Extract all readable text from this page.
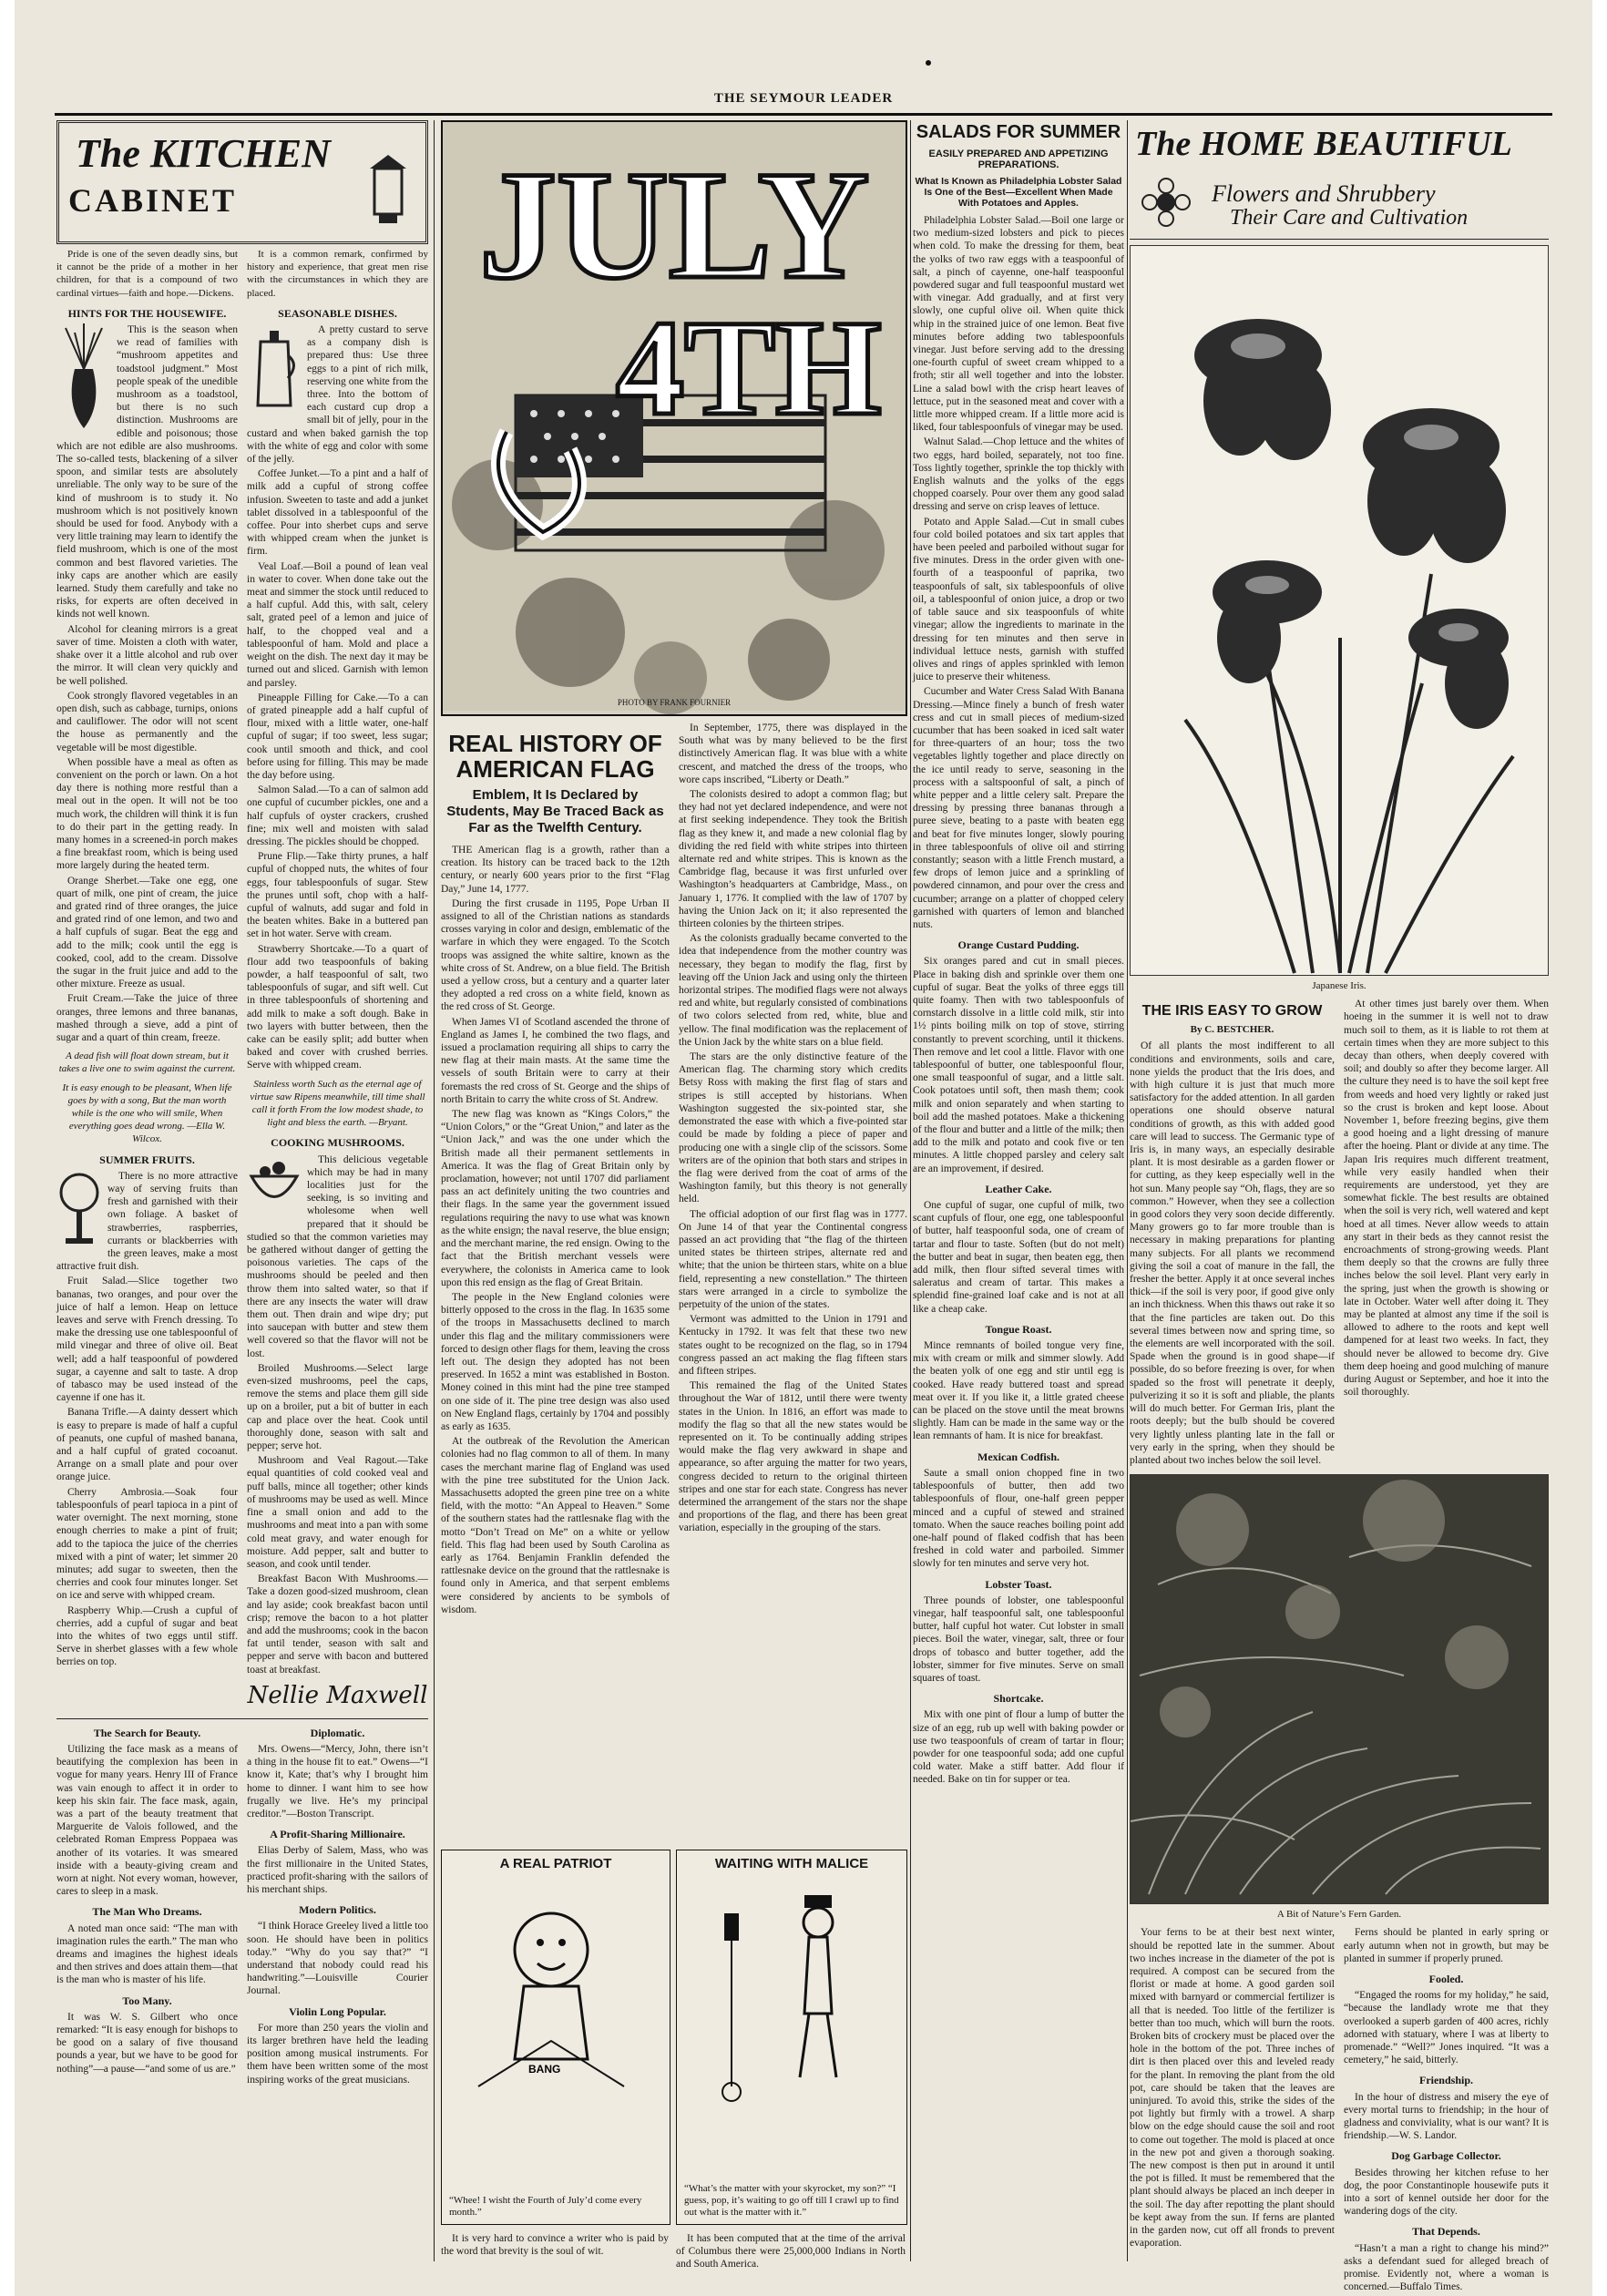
THE SEYMOUR LEADER
The KITCHEN
CABINET

Pride is one of the seven deadly sins, but it cannot be the pride of a mother in her children, for that is a compound of two cardinal virtues—faith and hope.—Dickens.

HINTS FOR THE HOUSEWIFE.

This is the season when we read of families with “mushroom appetites and toadstool judgment.” Most people speak of the unedible mushroom as a toadstool, but there is no such distinction. Mushrooms are edible and poisonous; those which are not edible are also mushrooms. The so-called tests, blackening of a silver spoon, and similar tests are absolutely unreliable. The only way to be sure of the kind of mushroom is to study it. No mushroom which is not positively known should be used for food. Anybody with a very little training may learn to identify the field mushroom, which is one of the most common and best flavored varieties. The inky caps are another which are easily learned. Study them carefully and take no risks, for experts are often deceived in kinds not well known.

Alcohol for cleaning mirrors is a great saver of time. Moisten a cloth with water, shake over it a little alcohol and rub over the mirror. It will clean very quickly and be well polished.

Cook strongly flavored vegetables in an open dish, such as cabbage, turnips, onions and cauliflower. The odor will not scent the house as permanently and the vegetable will be most digestible.

When possible have a meal as often as convenient on the porch or lawn. On a hot day there is nothing more restful than a meal out in the open. It will not be too much work, the children will think it is fun to do their part in the getting ready. In many homes in a screened-in porch makes a fine breakfast room, which is being used more largely during the heated term.

Orange Sherbet.—Take one egg, one quart of milk, one pint of cream, the juice and grated rind of three oranges, the juice and grated rind of one lemon, and two and a half cupfuls of sugar. Beat the egg and add to the milk; cook until the egg is cooked, cool, add to the cream. Dissolve the sugar in the fruit juice and add to the other mixture. Freeze as usual.

Fruit Cream.—Take the juice of three oranges, three lemons and three bananas, mashed through a sieve, add a pint of sugar and a quart of thin cream, freeze.

A dead fish will float down stream, but it takes a live one to swim against the current.
It is easy enough to be pleasant, When life goes by with a song, But the man worth while is the one who will smile, When everything goes dead wrong. —Ella W. Wilcox.
SUMMER FRUITS.

There is no more attractive way of serving fruits than fresh and garnished with their own foliage. A basket of strawberries, raspberries, currants or blackberries with the green leaves, make a most attractive fruit dish.

Fruit Salad.—Slice together two bananas, two oranges, and pour over the juice of half a lemon. Heap on lettuce leaves and serve with French dressing. To make the dressing use one tablespoonful of mild vinegar and three of olive oil. Beat well; add a half teaspoonful of powdered sugar, a cayenne and salt to taste. A drop of tabasco may be used instead of the cayenne if one has it.

Banana Trifle.—A dainty dessert which is easy to prepare is made of half a cupful of peanuts, one cupful of mashed banana, and a half cupful of grated cocoanut. Arrange on a small plate and pour over orange juice.

Cherry Ambrosia.—Soak four tablespoonfuls of pearl tapioca in a pint of water overnight. The next morning, stone enough cherries to make a pint of fruit; add to the tapioca the juice of the cherries mixed with a pint of water; let simmer 20 minutes; add sugar to sweeten, then the cherries and cook four minutes longer. Set on ice and serve with whipped cream.

Raspberry Whip.—Crush a cupful of cherries, add a cupful of sugar and beat into the whites of two eggs until stiff. Serve in sherbet glasses with a few whole berries on top.

It is a common remark, confirmed by history and experience, that great men rise with the circumstances in which they are placed.

SEASONABLE DISHES.

A pretty custard to serve as a company dish is prepared thus: Use three eggs to a pint of rich milk, reserving one white from the three. Into the bottom of each custard cup drop a small bit of jelly, pour in the custard and when baked garnish the top with the white of egg and color with some of the jelly.

Coffee Junket.—To a pint and a half of milk add a cupful of strong coffee infusion. Sweeten to taste and add a junket tablet dissolved in a tablespoonful of the coffee. Pour into sherbet cups and serve with whipped cream when the junket is firm.

Veal Loaf.—Boil a pound of lean veal in water to cover. When done take out the meat and simmer the stock until reduced to a half cupful. Add this, with salt, celery salt, grated peel of a lemon and juice of half, to the chopped veal and a tablespoonful of ham. Mold and place a weight on the dish. The next day it may be turned out and sliced. Garnish with lemon and parsley.

Pineapple Filling for Cake.—To a can of grated pineapple add a half cupful of flour, mixed with a little water, one-half cupful of sugar; if too sweet, less sugar; cook until smooth and thick, and cool before using for filling. This may be made the day before using.

Salmon Salad.—To a can of salmon add one cupful of cucumber pickles, one and a half cupfuls of oyster crackers, crushed fine; mix well and moisten with salad dressing. The pickles should be chopped.

Prune Flip.—Take thirty prunes, a half cupful of chopped nuts, the whites of four eggs, four tablespoonfuls of sugar. Stew the prunes until soft, chop with a half-cupful of walnuts, add sugar and fold in the beaten whites. Bake in a buttered pan set in hot water. Serve with cream.

Strawberry Shortcake.—To a quart of flour add two teaspoonfuls of baking powder, a half teaspoonful of salt, two tablespoonfuls of sugar, and sift well. Cut in three tablespoonfuls of shortening and add milk to make a soft dough. Bake in two layers with butter between, then the cake can be easily split; add butter when baked and cover with crushed berries. Serve with whipped cream.

Stainless worth Such as the eternal age of virtue saw Ripens meanwhile, till time shall call it forth From the low modest shade, to light and bless the earth. —Bryant.
COOKING MUSHROOMS.

This delicious vegetable which may be had in many localities just for the seeking, is so inviting and wholesome when well prepared that it should be studied so that the common varieties may be gathered without danger of getting the poisonous varieties. The caps of the mushrooms should be peeled and then throw them into salted water, so that if there are any insects the water will draw them out. Then drain and wipe dry; put into saucepan with butter and stew them well covered so that the flavor will not be lost.

Broiled Mushrooms.—Select large even-sized mushrooms, peel the caps, remove the stems and place them gill side up on a broiler, put a bit of butter in each cap and place over the heat. Cook until thoroughly done, season with salt and pepper; serve hot.

Mushroom and Veal Ragout.—Take equal quantities of cold cooked veal and puff balls, mince all together; other kinds of mushrooms may be used as well. Mince fine a small onion and add to the mushrooms and meat into a pan with some cold meat gravy, and water enough for moisture. Add pepper, salt and butter to season, and cook until tender.

Breakfast Bacon With Mushrooms.—Take a dozen good-sized mushroom, clean and lay aside; cook breakfast bacon until crisp; remove the bacon to a hot platter and add the mushrooms; cook in the bacon fat until tender, season with salt and pepper and serve with bacon and buttered toast at breakfast.

Nellie Maxwell
The Search for Beauty.

Utilizing the face mask as a means of beautifying the complexion has been in vogue for many years. Henry III of France was vain enough to affect it in order to keep his skin fair. The face mask, again, was a part of the beauty treatment that Marguerite de Valois followed, and the celebrated Roman Empress Poppaea was another of its votaries. It was smeared inside with a beauty-giving cream and worn at night. Not every woman, however, cares to sleep in a mask.

The Man Who Dreams.

A noted man once said: “The man with imagination rules the earth.” The man who dreams and imagines the highest ideals and then strives and does attain them—that is the man who is master of his life.

Too Many.

It was W. S. Gilbert who once remarked: “It is easy enough for bishops to be good on a salary of five thousand pounds a year, but we have to be good for nothing”—a pause—“and some of us are.”

Diplomatic.

Mrs. Owens—“Mercy, John, there isn’t a thing in the house fit to eat.” Owens—“I know it, Kate; that’s why I brought him home to dinner. I want him to see how frugally we live. He’s my principal creditor.”—Boston Transcript.

A Profit-Sharing Millionaire.

Elias Derby of Salem, Mass, who was the first millionaire in the United States, practiced profit-sharing with the sailors of his merchant ships.

Modern Politics.

“I think Horace Greeley lived a little too soon. He should have been in politics today.” “Why do you say that?” “I understand that nobody could read his handwriting.”—Louisville Courier Journal.

Violin Long Popular.

For more than 250 years the violin and its larger brethren have held the leading position among musical instruments. For them have been written some of the most inspiring works of the great musicians.

JULY
4TH
PHOTO BY FRANK FOURNIER
REAL HISTORY OF
AMERICAN FLAG
Emblem, It Is Declared by Students, May Be Traced Back as Far as the Twelfth Century.

THE American flag is a growth, rather than a creation. Its history can be traced back to the 12th century, or nearly 600 years prior to the first “Flag Day,” June 14, 1777.

During the first crusade in 1195, Pope Urban II assigned to all of the Christian nations as standards crosses varying in color and design, emblematic of the warfare in which they were engaged. To the Scotch troops was assigned the white saltire, known as the white cross of St. Andrew, on a blue field. The British used a yellow cross, but a century and a quarter later they adopted a red cross on a white field, known as the red cross of St. George.

When James VI of Scotland ascended the throne of England as James I, he combined the two flags, and issued a proclamation requiring all ships to carry the new flag at their main masts. At the same time the vessels of south Britain were to carry at their foremasts the red cross of St. George and the ships of north Britain to carry the white cross of St. Andrew.

The new flag was known as “Kings Colors,” the “Union Colors,” or the “Great Union,” and later as the “Union Jack,” and was the one under which the British made all their permanent settlements in America. It was the flag of Great Britain only by proclamation, however; not until 1707 did parliament pass an act definitely uniting the two countries and their flags. In the same year the government issued regulations requiring the navy to use what was known as the white ensign; the naval reserve, the blue ensign; and the merchant marine, the red ensign. Owing to the fact that the British merchant vessels were everywhere, the colonists in America came to look upon this red ensign as the flag of Great Britain.

The people in the New England colonies were bitterly opposed to the cross in the flag. In 1635 some of the troops in Massachusetts declined to march under this flag and the military commissioners were forced to design other flags for them, leaving the cross left out. The design they adopted has not been preserved. In 1652 a mint was established in Boston. Money coined in this mint had the pine tree stamped on one side of it. The pine tree design was also used on New England flags, certainly by 1704 and possibly as early as 1635.

At the outbreak of the Revolution the American colonies had no flag common to all of them. In many cases the merchant marine flag of England was used with the pine tree substituted for the Union Jack. Massachusetts adopted the green pine tree on a white field, with the motto: “An Appeal to Heaven.” Some of the southern states had the rattlesnake flag with the motto “Don’t Tread on Me” on a white or yellow field. This flag had been used by South Carolina as early as 1764. Benjamin Franklin defended the rattlesnake device on the ground that the rattlesnake is found only in America, and that serpent emblems were considered by ancients to be symbols of wisdom.

In September, 1775, there was displayed in the South what was by many believed to be the first distinctively American flag. It was blue with a white crescent, and matched the dress of the troops, who wore caps inscribed, “Liberty or Death.”

The colonists desired to adopt a common flag; but they had not yet declared independence, and were not at first seeking independence. They took the British flag as they knew it, and made a new colonial flag by dividing the red field with white stripes into thirteen alternate red and white stripes. This is known as the Cambridge flag, because it was first unfurled over Washington’s headquarters at Cambridge, Mass., on January 1, 1776. It complied with the law of 1707 by having the Union Jack on it; it also represented the thirteen colonies by the thirteen stripes.

As the colonists gradually became converted to the idea that independence from the mother country was necessary, they began to modify the flag, first by leaving off the Union Jack and using only the thirteen horizontal stripes. The modified flags were not always red and white, but regularly consisted of combinations of two colors selected from red, white, blue and yellow. The final modification was the replacement of the Union Jack by the white stars on a blue field.

The stars are the only distinctive feature of the American flag. The charming story which credits Betsy Ross with making the first flag of stars and stripes is still accepted by historians. When Washington suggested the six-pointed star, she demonstrated the ease with which a five-pointed star could be made by folding a piece of paper and producing one with a single clip of the scissors. Some writers are of the opinion that both stars and stripes in the flag were derived from the coat of arms of the Washington family, but this theory is not generally held.

The official adoption of our first flag was in 1777. On June 14 of that year the Continental congress passed an act providing that “the flag of the thirteen united states be thirteen stripes, alternate red and white; that the union be thirteen stars, white on a blue field, representing a new constellation.” The thirteen stars were arranged in a circle to symbolize the perpetuity of the union of the states.

Vermont was admitted to the Union in 1791 and Kentucky in 1792. It was felt that these two new states ought to be recognized on the flag, so in 1794 congress passed an act making the flag fifteen stars and fifteen stripes.

This remained the flag of the United States throughout the War of 1812, until there were twenty states in the Union. In 1816, an effort was made to modify the flag so that all the new states would be represented on it. To be continually adding stripes would make the flag very awkward in shape and appearance, so after arguing the matter for two years, congress decided to return to the original thirteen stripes and one star for each state. Congress has never determined the arrangement of the stars nor the shape and proportions of the flag, and there has been great variation, especially in the grouping of the stars.

A REAL PATRIOT
BANG
“Whee! I wisht the Fourth of July’d come every month.”
WAITING WITH MALICE
“What’s the matter with your skyrocket, my son?” “I guess, pop, it’s waiting to go off till I crawl up to find out what is the matter with it.”

It is very hard to convince a writer who is paid by the word that brevity is the soul of wit.

It has been computed that at the time of the arrival of Columbus there were 25,000,000 Indians in North and South America.

SALADS FOR SUMMER
EASILY PREPARED AND APPETIZING PREPARATIONS.
What Is Known as Philadelphia Lobster Salad Is One of the Best—Excellent When Made With Potatoes and Apples.

Philadelphia Lobster Salad.—Boil one large or two medium-sized lobsters and pick to pieces when cold. To make the dressing for them, beat the yolks of two raw eggs with a teaspoonful of salt, a pinch of cayenne, one-half teaspoonful powdered sugar and full teaspoonful mustard wet with vinegar. Add gradually, and at first very slowly, one cupful olive oil. When quite thick whip in the strained juice of one lemon. Beat five minutes before adding two tablespoonfuls vinegar. Just before serving add to the dressing one-fourth cupful of sweet cream whipped to a froth; stir all well together and into the lobster. Line a salad bowl with the crisp heart leaves of lettuce, put in the seasoned meat and cover with a little more whipped cream. If a little more acid is liked, four tablespoonfuls of vinegar may be used.

Walnut Salad.—Chop lettuce and the whites of two eggs, hard boiled, separately, not too fine. Toss lightly together, sprinkle the top thickly with English walnuts and the yolks of the eggs chopped coarsely. Pour over them any good salad dressing and serve on crisp leaves of lettuce.

Potato and Apple Salad.—Cut in small cubes four cold boiled potatoes and six tart apples that have been peeled and parboiled without sugar for five minutes. Dress in the order given with one-fourth of a teaspoonful of paprika, two teaspoonfuls of salt, six tablespoonfuls of olive oil, a tablespoonful of onion juice, a drop or two of table sauce and six teaspoonfuls of white vinegar; allow the ingredients to marinate in the dressing for ten minutes and then serve in individual lettuce nests, garnish with stuffed olives and rings of apples sprinkled with lemon juice to preserve their whiteness.

Cucumber and Water Cress Salad With Banana Dressing.—Mince finely a bunch of fresh water cress and cut in small pieces of medium-sized cucumber that has been soaked in iced salt water for three-quarters of an hour; toss the two vegetables lightly together and place directly on the ice until ready to serve, seasoning in the process with a saltspoonful of salt, a pinch of white pepper and a little celery salt. Prepare the dressing by pressing three bananas through a puree sieve, beating to a paste with beaten egg and beat for five minutes longer, slowly pouring in three tablespoonfuls of olive oil and stirring constantly; season with a little French mustard, a few drops of lemon juice and a sprinkling of powdered cinnamon, and pour over the cress and cucumber; arrange on a platter of chopped celery garnished with quarters of lemon and blanched nuts.

Orange Custard Pudding.

Six oranges pared and cut in small pieces. Place in baking dish and sprinkle over them one cupful of sugar. Beat the yolks of three eggs till quite foamy. Then with two tablespoonfuls of cornstarch dissolve in a little cold milk, stir into 1½ pints boiling milk on top of stove, stirring constantly to prevent scorching, until it thickens. Then remove and let cool a little. Flavor with one tablespoonful of butter, one tablespoonful flour, one small teaspoonful of sugar, and a little salt. Cook potatoes until soft, then mash them; cook milk and onion separately and when starting to boil add the mashed potatoes. Make a thickening of the flour and butter and a little of the milk; then add to the milk and potato and cook five or ten minutes. A little chopped parsley and celery salt are an improvement, if desired.

Leather Cake.

One cupful of sugar, one cupful of milk, two scant cupfuls of flour, one egg, one tablespoonful of butter, half teaspoonful soda, one of cream of tartar and flour to taste. Soften (but do not melt) the butter and beat in sugar, then beaten egg, then add milk, then flour sifted several times with saleratus and cream of tartar. This makes a splendid fine-grained loaf cake and is not at all like a cheap cake.

Tongue Roast.

Mince remnants of boiled tongue very fine, mix with cream or milk and simmer slowly. Add the beaten yolk of one egg and stir until egg is cooked. Have ready buttered toast and spread meat over it. If you like it, a little grated cheese can be placed on the stove until the meat browns slightly. Ham can be made in the same way or the lean remnants of ham. It is nice for breakfast.

Mexican Codfish.

Saute a small onion chopped fine in two tablespoonfuls of butter, then add two tablespoonfuls of flour, one-half green pepper minced and a cupful of stewed and strained tomato. When the sauce reaches boiling point add one-half pound of flaked codfish that has been freshed in cold water and parboiled. Simmer slowly for ten minutes and serve very hot.

Lobster Toast.

Three pounds of lobster, one tablespoonful vinegar, half teaspoonful salt, one tablespoonful butter, half cupful hot water. Cut lobster in small pieces. Boil the water, vinegar, salt, three or four drops of tobasco and butter together, add the lobster, simmer for five minutes. Serve on small squares of toast.

Shortcake.

Mix with one pint of flour a lump of butter the size of an egg, rub up well with baking powder or use two teaspoonfuls of cream of tartar in flour; powder for one teaspoonful soda; add one cupful cold water. Make a stiff batter. Add flour if needed. Bake on tin for supper or tea.

The HOME BEAUTIFUL
Flowers and Shrubbery
Their Care and Cultivation
Japanese Iris.
THE IRIS EASY TO GROW
By C. BESTCHER.

Of all plants the most indifferent to all conditions and environments, soils and care, none yields the product that the Iris does, and with high culture it is just that much more satisfactory for the added attention. In all garden operations one should observe natural conditions of growth, as this with added good care will lead to success. The Germanic type of Iris is, in many ways, an especially desirable plant. It is most desirable as a garden flower or for cutting, as they keep especially well in the hot sun. Many people say “Oh, flags, they are so common.” However, when they see a collection in good colors they very soon decide differently. Many growers go to far more trouble than is necessary in making preparations for planting many subjects. For all plants we recommend giving the soil a coat of manure in the fall, the fresher the better. Apply it at once several inches thick—if the soil is very poor, if good give only an inch thickness. When this thaws out rake it so that the fine particles are taken out. Do this several times between now and spring time, so the elements are well incorporated with the soil. Spade when the ground is in good shape—if possible, do so before freezing is over, for when spaded so the frost will penetrate it deeply, pulverizing it so it is soft and pliable, the plants will do much better. For German Iris, plant the roots deeply; but the bulb should be covered very lightly unless planting late in the fall or very early in the spring, when they should be planted about two inches below the soil level.

At other times just barely over them. When hoeing in the summer it is well not to draw much soil to them, as it is liable to rot them at certain times when they are more subject to this decay than others, when deeply covered with soil; and doubly so after they become larger. All the culture they need is to have the soil kept free from weeds and hoed very lightly or raked just so the crust is broken and kept loose. About November 1, before freezing begins, give them a good hoeing and a light dressing of manure after the hoeing. Plant or divide at any time. The Japan Iris requires much different treatment, while very easily handled when their requirements are understood, yet they are somewhat fickle. The best results are obtained when the soil is very rich, well watered and kept hoed at all times. Never allow weeds to attain any start in their beds as they cannot resist the encroachments of strong-growing weeds. Plant them deeply so that the crowns are fully three inches below the soil level. Plant very early in the spring, just when the growth is showing or late in October. Water well after doing it. They may be planted at almost any time if the soil is allowed to adhere to the roots and kept well dampened for at least two weeks. In fact, they should never be allowed to become dry. Give them deep hoeing and good mulching of manure during August or September, and hoe it into the soil thoroughly.

A Bit of Nature’s Fern Garden.

Your ferns to be at their best next winter, should be repotted late in the summer. About two inches increase in the diameter of the pot is required. A compost can be secured from the florist or made at home. A good garden soil mixed with barnyard or commercial fertilizer is all that is needed. Too little of the fertilizer is better than too much, which will burn the roots. Broken bits of crockery must be placed over the hole in the bottom of the pot. Three inches of dirt is then placed over this and leveled ready for the plant. In removing the plant from the old pot, care should be taken that the leaves are uninjured. To avoid this, strike the sides of the pot lightly but firmly with a trowel. A sharp blow on the edge should cause the soil and root to come out together. The mold is placed at once in the new pot and given a thorough soaking. The new compost is then put in around it until the pot is filled. It must be remembered that the plant should always be placed an inch deeper in the soil. The day after repotting the plant should be kept away from the sun. If ferns are planted in the garden now, cut off all fronds to prevent evaporation.

Ferns should be planted in early spring or early autumn when not in growth, but may be planted in summer if properly pruned.

Fooled.

“Engaged the rooms for my holiday,” he said, “because the landlady wrote me that they overlooked a superb garden of 400 acres, richly adorned with statuary, where I was at liberty to promenade.” “Well?” Jones inquired. “It was a cemetery,” he said, bitterly.

Friendship.

In the hour of distress and misery the eye of every mortal turns to friendship; in the hour of gladness and conviviality, what is our want? It is friendship.—W. S. Landor.

Dog Garbage Collector.

Besides throwing her kitchen refuse to her dog, the poor Constantinople housewife puts it into a sort of kennel outside her door for the wandering dogs of the city.

That Depends.

“Hasn’t a man a right to change his mind?” asks a defendant sued for alleged breach of promise. Evidently not, where a woman is concerned.—Buffalo Times.
